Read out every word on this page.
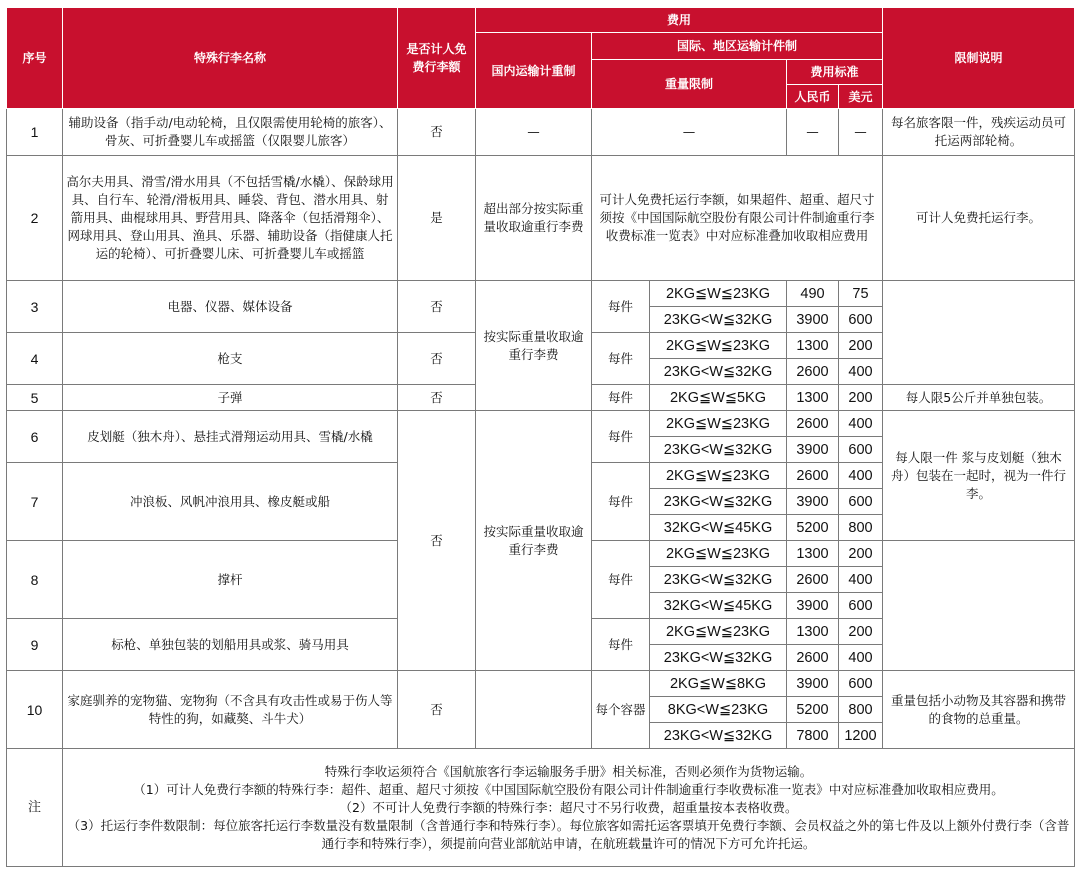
序号	特殊行李名称	是否计人免费行李额	费用					限制说明
			国内运输计重制	国际、地区运输计件制				
				重量限制		费用标准		
						人民币	美元	
1	辅助设备（指手动/电动轮椅，且仅限需使用轮椅的旅客）、骨灰、可折叠婴儿车或摇篮（仅限婴儿旅客）	否	—	—		—	—	每名旅客限一件，残疾运动员可托运两部轮椅。
2	高尔夫用具、滑雪/滑水用具（不包括雪橇/水橇）、保龄球用具、自行车、轮滑/滑板用具、睡袋、背包、潜水用具、射箭用具、曲棍球用具、野营用具、降落伞（包括滑翔伞）、网球用具、登山用具、渔具、乐器、辅助设备（指健康人托运的轮椅）、可折叠婴儿床、可折叠婴儿车或摇篮	是	超出部分按实际重量收取逾重行李费	可计人免费托运行李额，如果超件、超重、超尺寸须按《中国国际航空股份有限公司计件制逾重行李收费标准一览表》中对应标准叠加收取相应费用				可计人免费托运行李。
3	电器、仪器、媒体设备	否	按实际重量收取逾重行李费	每件	2KG≦W≦23KG	490	75	
					23KG<W≦32KG	3900	600	
4	枪支	否		每件	2KG≦W≦23KG	1300	200	
					23KG<W≦32KG	2600	400	
5	子弹	否		每件	2KG≦W≦5KG	1300	200	每人限5公斤并单独包装。
6	皮划艇（独木舟）、悬挂式滑翔运动用具、雪橇/水橇	否	按实际重量收取逾重行李费	每件	2KG≦W≦23KG	2600	400	每人限一件 浆与皮划艇（独木舟）包装在一起时，视为一件行李。
					23KG<W≦32KG	3900	600	
7	冲浪板、风帆冲浪用具、橡皮艇或船			每件	2KG≦W≦23KG	2600	400	
					23KG<W≦32KG	3900	600	
					32KG<W≦45KG	5200	800	
8	撑杆			每件	2KG≦W≦23KG	1300	200	
					23KG<W≦32KG	2600	400	
					32KG<W≦45KG	3900	600	
9	标枪、单独包装的划船用具或浆、骑马用具			每件	2KG≦W≦23KG	1300	200	
					23KG<W≦32KG	2600	400	
10	家庭驯养的宠物猫、宠物狗（不含具有攻击性或易于伤人等特性的狗，如藏獒、斗牛犬）	否		每个容器	2KG≦W≦8KG	3900	600	重量包括小动物及其容器和携带的食物的总重量。
					8KG<W≦23KG	5200	800	
					23KG<W≦32KG	7800	1200	
注	特殊行李收运须符合《国航旅客行李运输服务手册》相关标准，否则必须作为货物运输。
（1）可计人免费行李额的特殊行李：超件、超重、超尺寸须按《中国国际航空股份有限公司计件制逾重行李收费标准一览表》中对应标准叠加收取相应费用。
（2）不可计人免费行李额的特殊行李：超尺寸不另行收费，超重量按本表格收费。
（3）托运行李件数限制：每位旅客托运行李数量没有数量限制（含普通行李和特殊行李）。每位旅客如需托运客票填开免费行李额、会员权益之外的第七件及以上额外付费行李（含普通行李和特殊行李），须提前向营业部航站申请，在航班载量许可的情况下方可允许托运。							
